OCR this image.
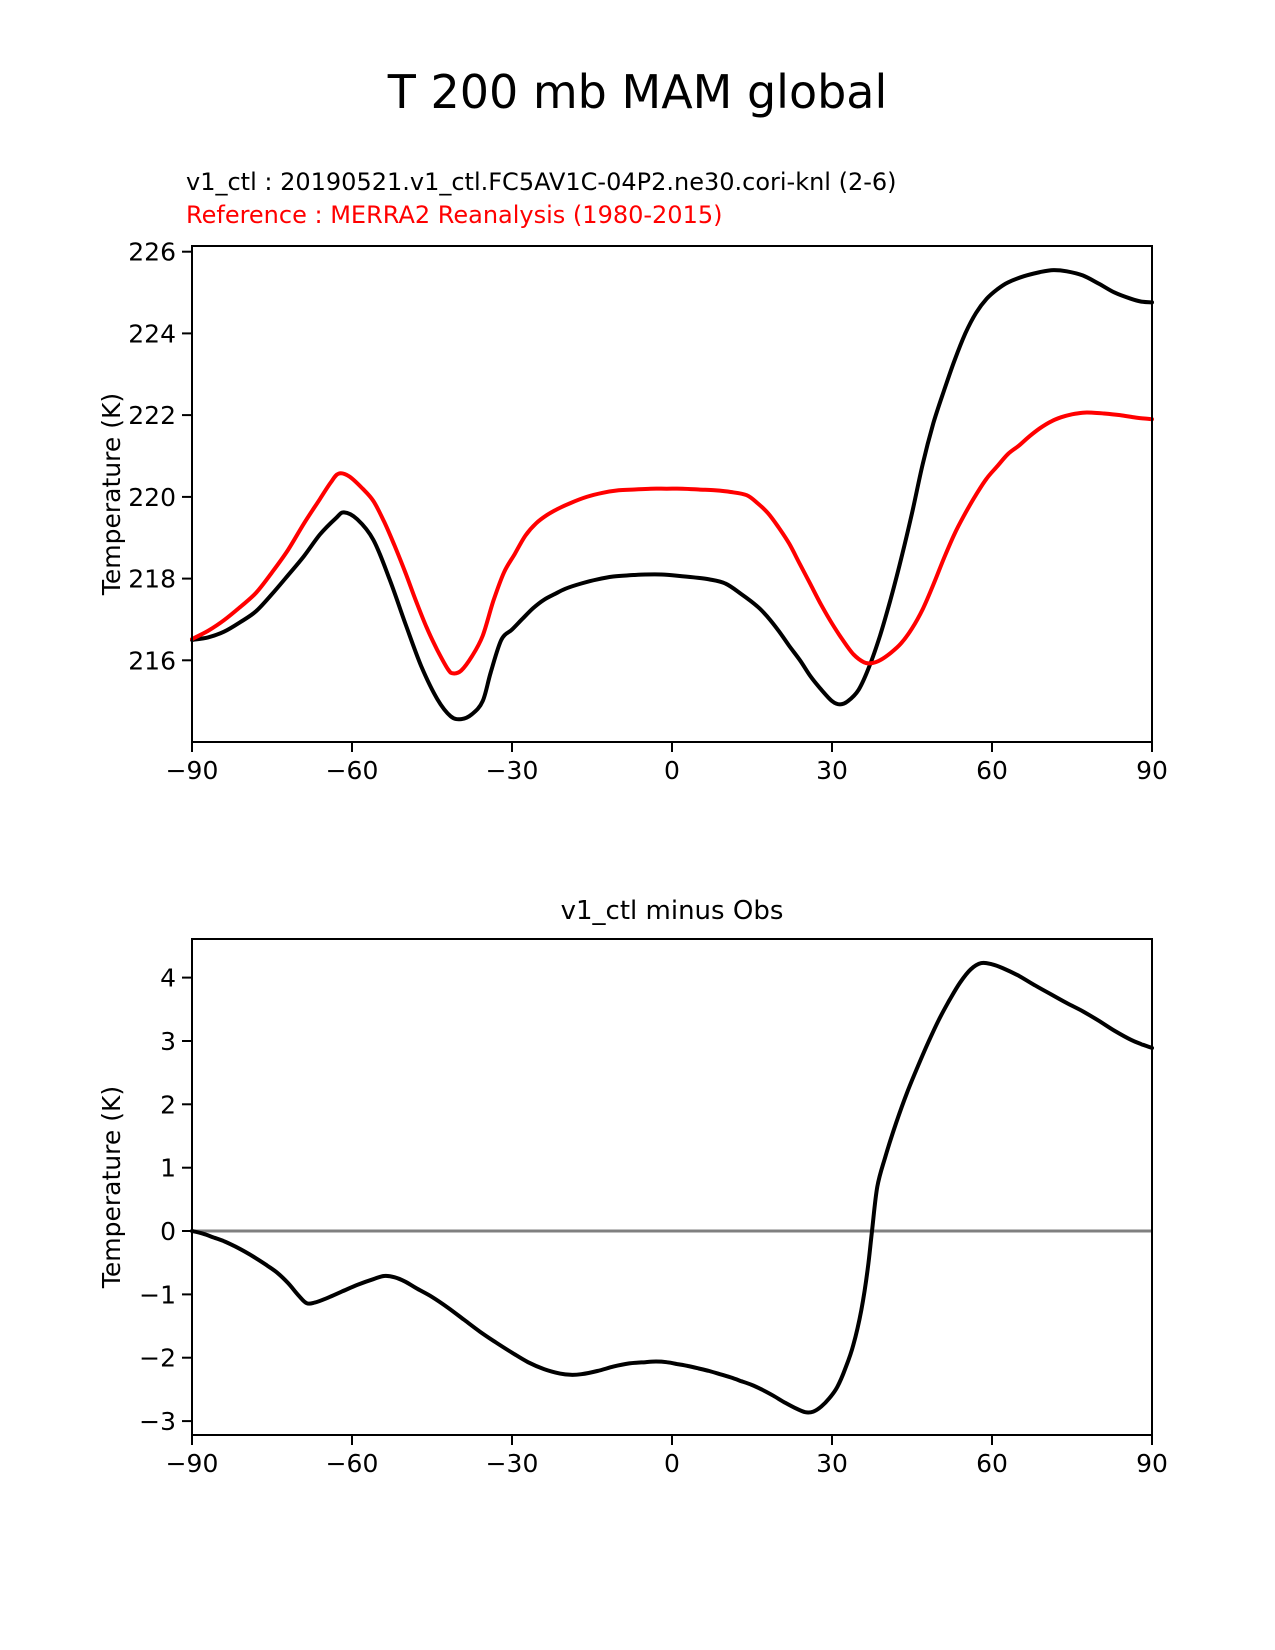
T 200 mb MAM global
v1_ctl : 20190521.v1_ctl.FC5AV1C-04P2.ne30.cori-knl (2-6)
Reference : MERRA2 Reanalysis (1980-2015)
Temperature (K)
v1_ctl minus Obs
Temperature (K)
−90	−60	−30	0	30	60	90
216
218
220
222
224
226
−90	−60	−30	0	30	60	90
−3
−2
−1
0
1
2
3
4
